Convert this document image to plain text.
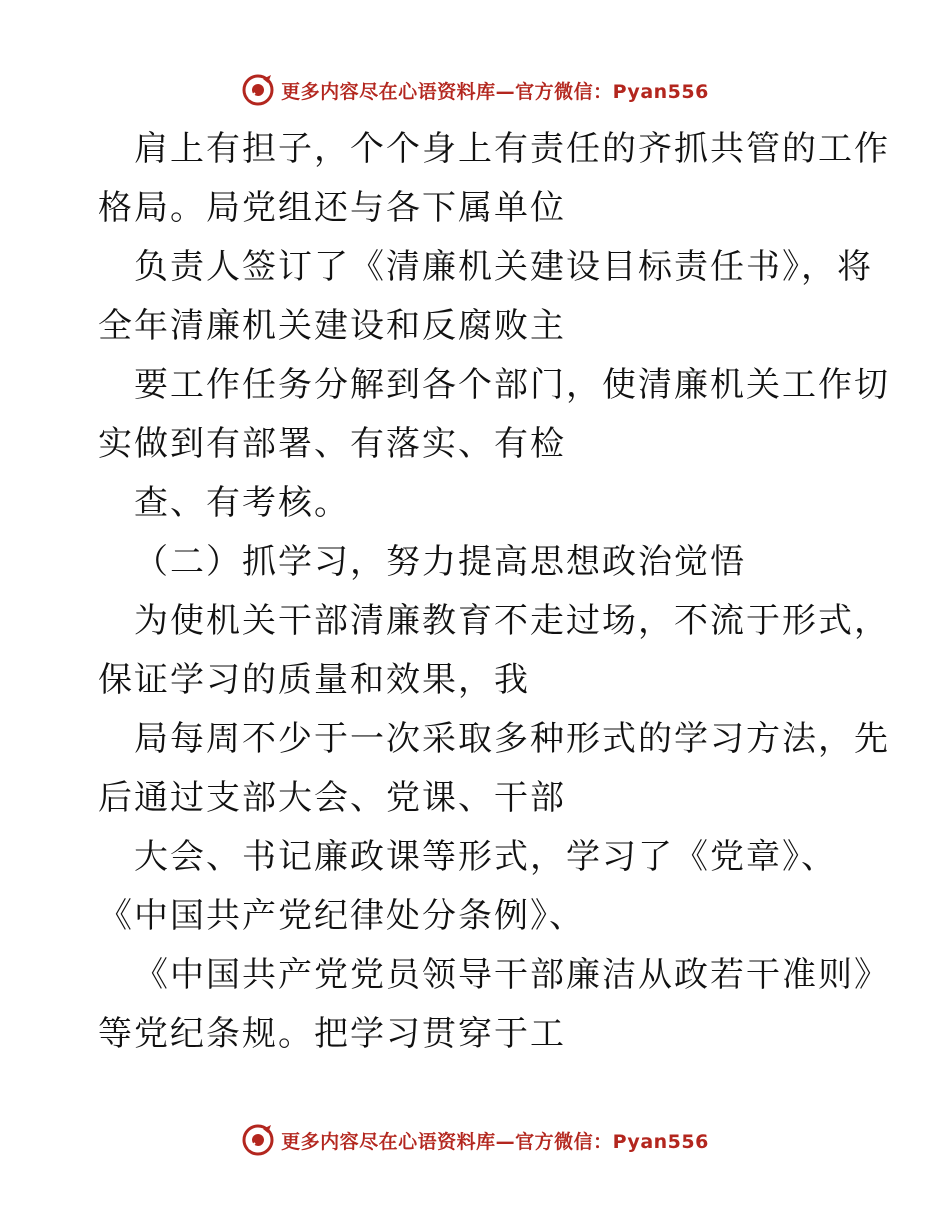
更多内容尽在心语资料库—官方微信：Pyan556
肩上有担子，个个身上有责任的齐抓共管的工作
格局。局党组还与各下属单位
负责人签订了《清廉机关建设目标责任书》，将
全年清廉机关建设和反腐败主
要工作任务分解到各个部门，使清廉机关工作切
实做到有部署、有落实、有检
查、有考核。
（二）抓学习，努力提高思想政治觉悟
为使机关干部清廉教育不走过场，不流于形式，
保证学习的质量和效果，我
局每周不少于一次采取多种形式的学习方法，先
后通过支部大会、党课、干部
大会、书记廉政课等形式，学习了《党章》、
《中国共产党纪律处分条例》、
《中国共产党党员领导干部廉洁从政若干准则》
等党纪条规。把学习贯穿于工
更多内容尽在心语资料库—官方微信：Pyan556
